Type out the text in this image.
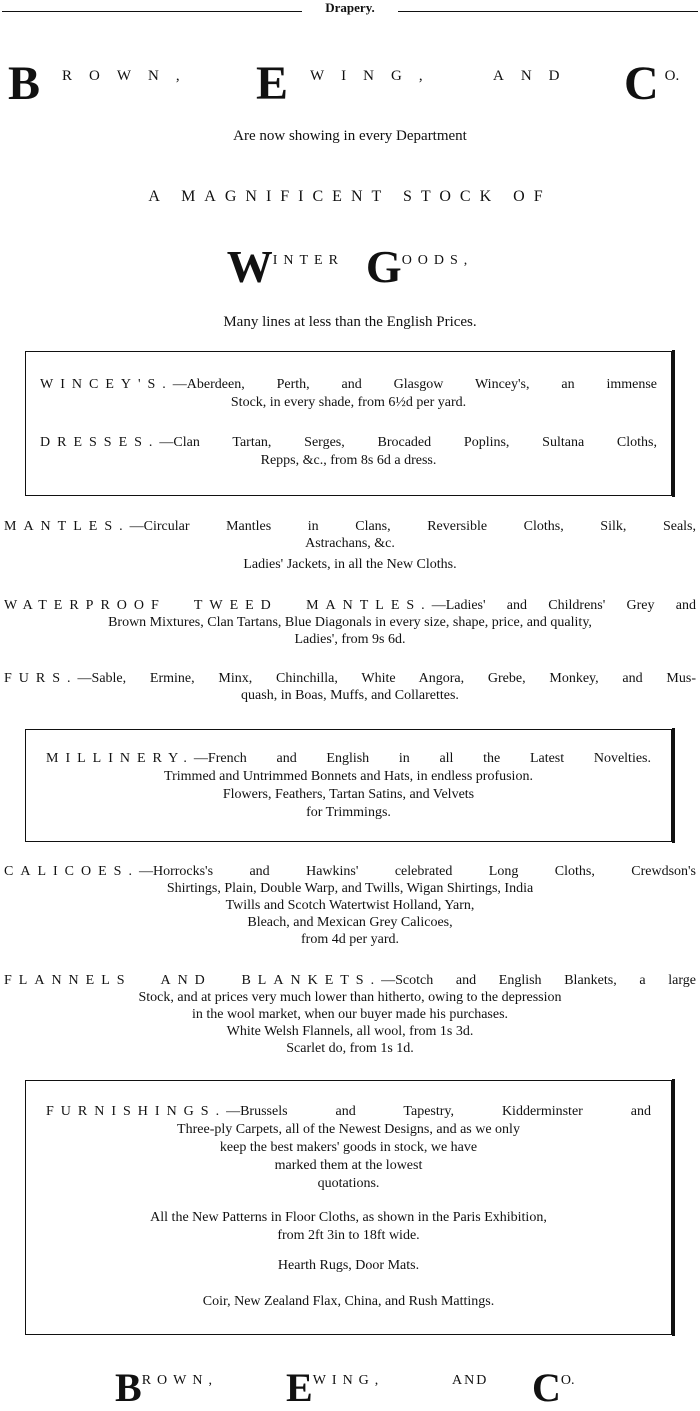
Drapery.
B ROWN, E WING,	AND C O.
Are now showing in every Department
A MAGNIFICENT STOCK OF
W INTER G OODS,
Many lines at less than the English Prices.
WINCEY'S.—Aberdeen, Perth, and Glasgow Wincey's, an immense
Stock, in every shade, from 6½d per yard.
DRESSES.—Clan Tartan, Serges, Brocaded Poplins, Sultana Cloths,
Repps, &c., from 8s 6d a dress.
MANTLES.—Circular Mantles in Clans, Reversible Cloths, Silk, Seals,
Astrachans, &c.
Ladies' Jackets, in all the New Cloths.
WATERPROOF TWEED MANTLES.—Ladies' and Childrens' Grey and
Brown Mixtures, Clan Tartans, Blue Diagonals in every size, shape, price, and quality,
Ladies', from 9s 6d.
FURS.—Sable, Ermine, Minx, Chinchilla, White Angora, Grebe, Monkey, and Mus-
quash, in Boas, Muffs, and Collarettes.
MILLINERY.—French and English in all the Latest Novelties.
Trimmed and Untrimmed Bonnets and Hats, in endless profusion.
Flowers, Feathers, Tartan Satins, and Velvets
for Trimmings.
CALICOES.—Horrocks's and Hawkins' celebrated Long Cloths, Crewdson's
Shirtings, Plain, Double Warp, and Twills, Wigan Shirtings, India
Twills and Scotch Watertwist Holland, Yarn,
Bleach, and Mexican Grey Calicoes,
from 4d per yard.
FLANNELS AND BLANKETS.—Scotch and English Blankets, a large
Stock, and at prices very much lower than hitherto, owing to the depression
in the wool market, when our buyer made his purchases.
White Welsh Flannels, all wool, from 1s 3d.
Scarlet do, from 1s 1d.
FURNISHINGS.—Brussels and Tapestry, Kidderminster and
Three-ply Carpets, all of the Newest Designs, and as we only
keep the best makers' goods in stock, we have
marked them at the lowest
quotations.
All the New Patterns in Floor Cloths, as shown in the Paris Exhibition,
from 2ft 3in to 18ft wide.
Hearth Rugs, Door Mats.
Coir, New Zealand Flax, China, and Rush Mattings.
B ROWN, E WING,	AND C O.
